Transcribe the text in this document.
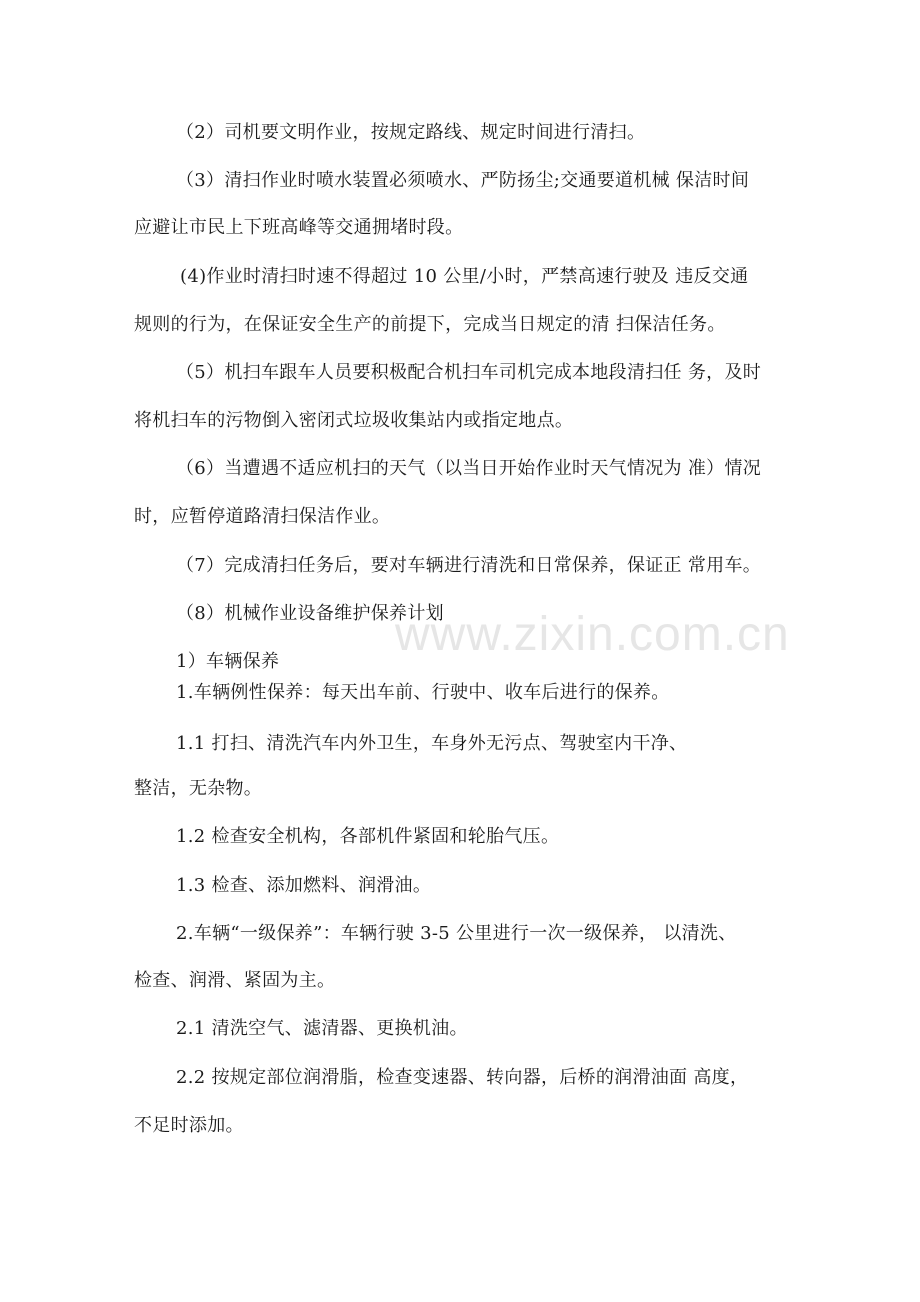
www.zixin.com.cn
（2）司机要文明作业，按规定路线、规定时间进行清扫。
（3）清扫作业时喷水装置必须喷水、严防扬尘;交通要道机械 保洁时间
应避让市民上下班高峰等交通拥堵时段。
(4)作业时清扫时速不得超过 10 公里/小时，严禁高速行驶及 违反交通
规则的行为，在保证安全生产的前提下，完成当日规定的清 扫保洁任务。
（5）机扫车跟车人员要积极配合机扫车司机完成本地段清扫任 务，及时
将机扫车的污物倒入密闭式垃圾收集站内或指定地点。
（6）当遭遇不适应机扫的天气（以当日开始作业时天气情况为 准）情况
时，应暂停道路清扫保洁作业。
（7）完成清扫任务后，要对车辆进行清洗和日常保养，保证正 常用车。
（8）机械作业设备维护保养计划
1）车辆保养
1.车辆例性保养：每天出车前、行驶中、收车后进行的保养。
1.1 打扫、清洗汽车内外卫生，车身外无污点、驾驶室内干净、
整洁，无杂物。
1.2 检查安全机构，各部机件紧固和轮胎气压。
1.3 检查、添加燃料、润滑油。
2.车辆“一级保养”：车辆行驶 3-5 公里进行一次一级保养， 以清洗、
检查、润滑、紧固为主。
2.1 清洗空气、滤清器、更换机油。
2.2 按规定部位润滑脂，检查变速器、转向器，后桥的润滑油面 高度，
不足时添加。
